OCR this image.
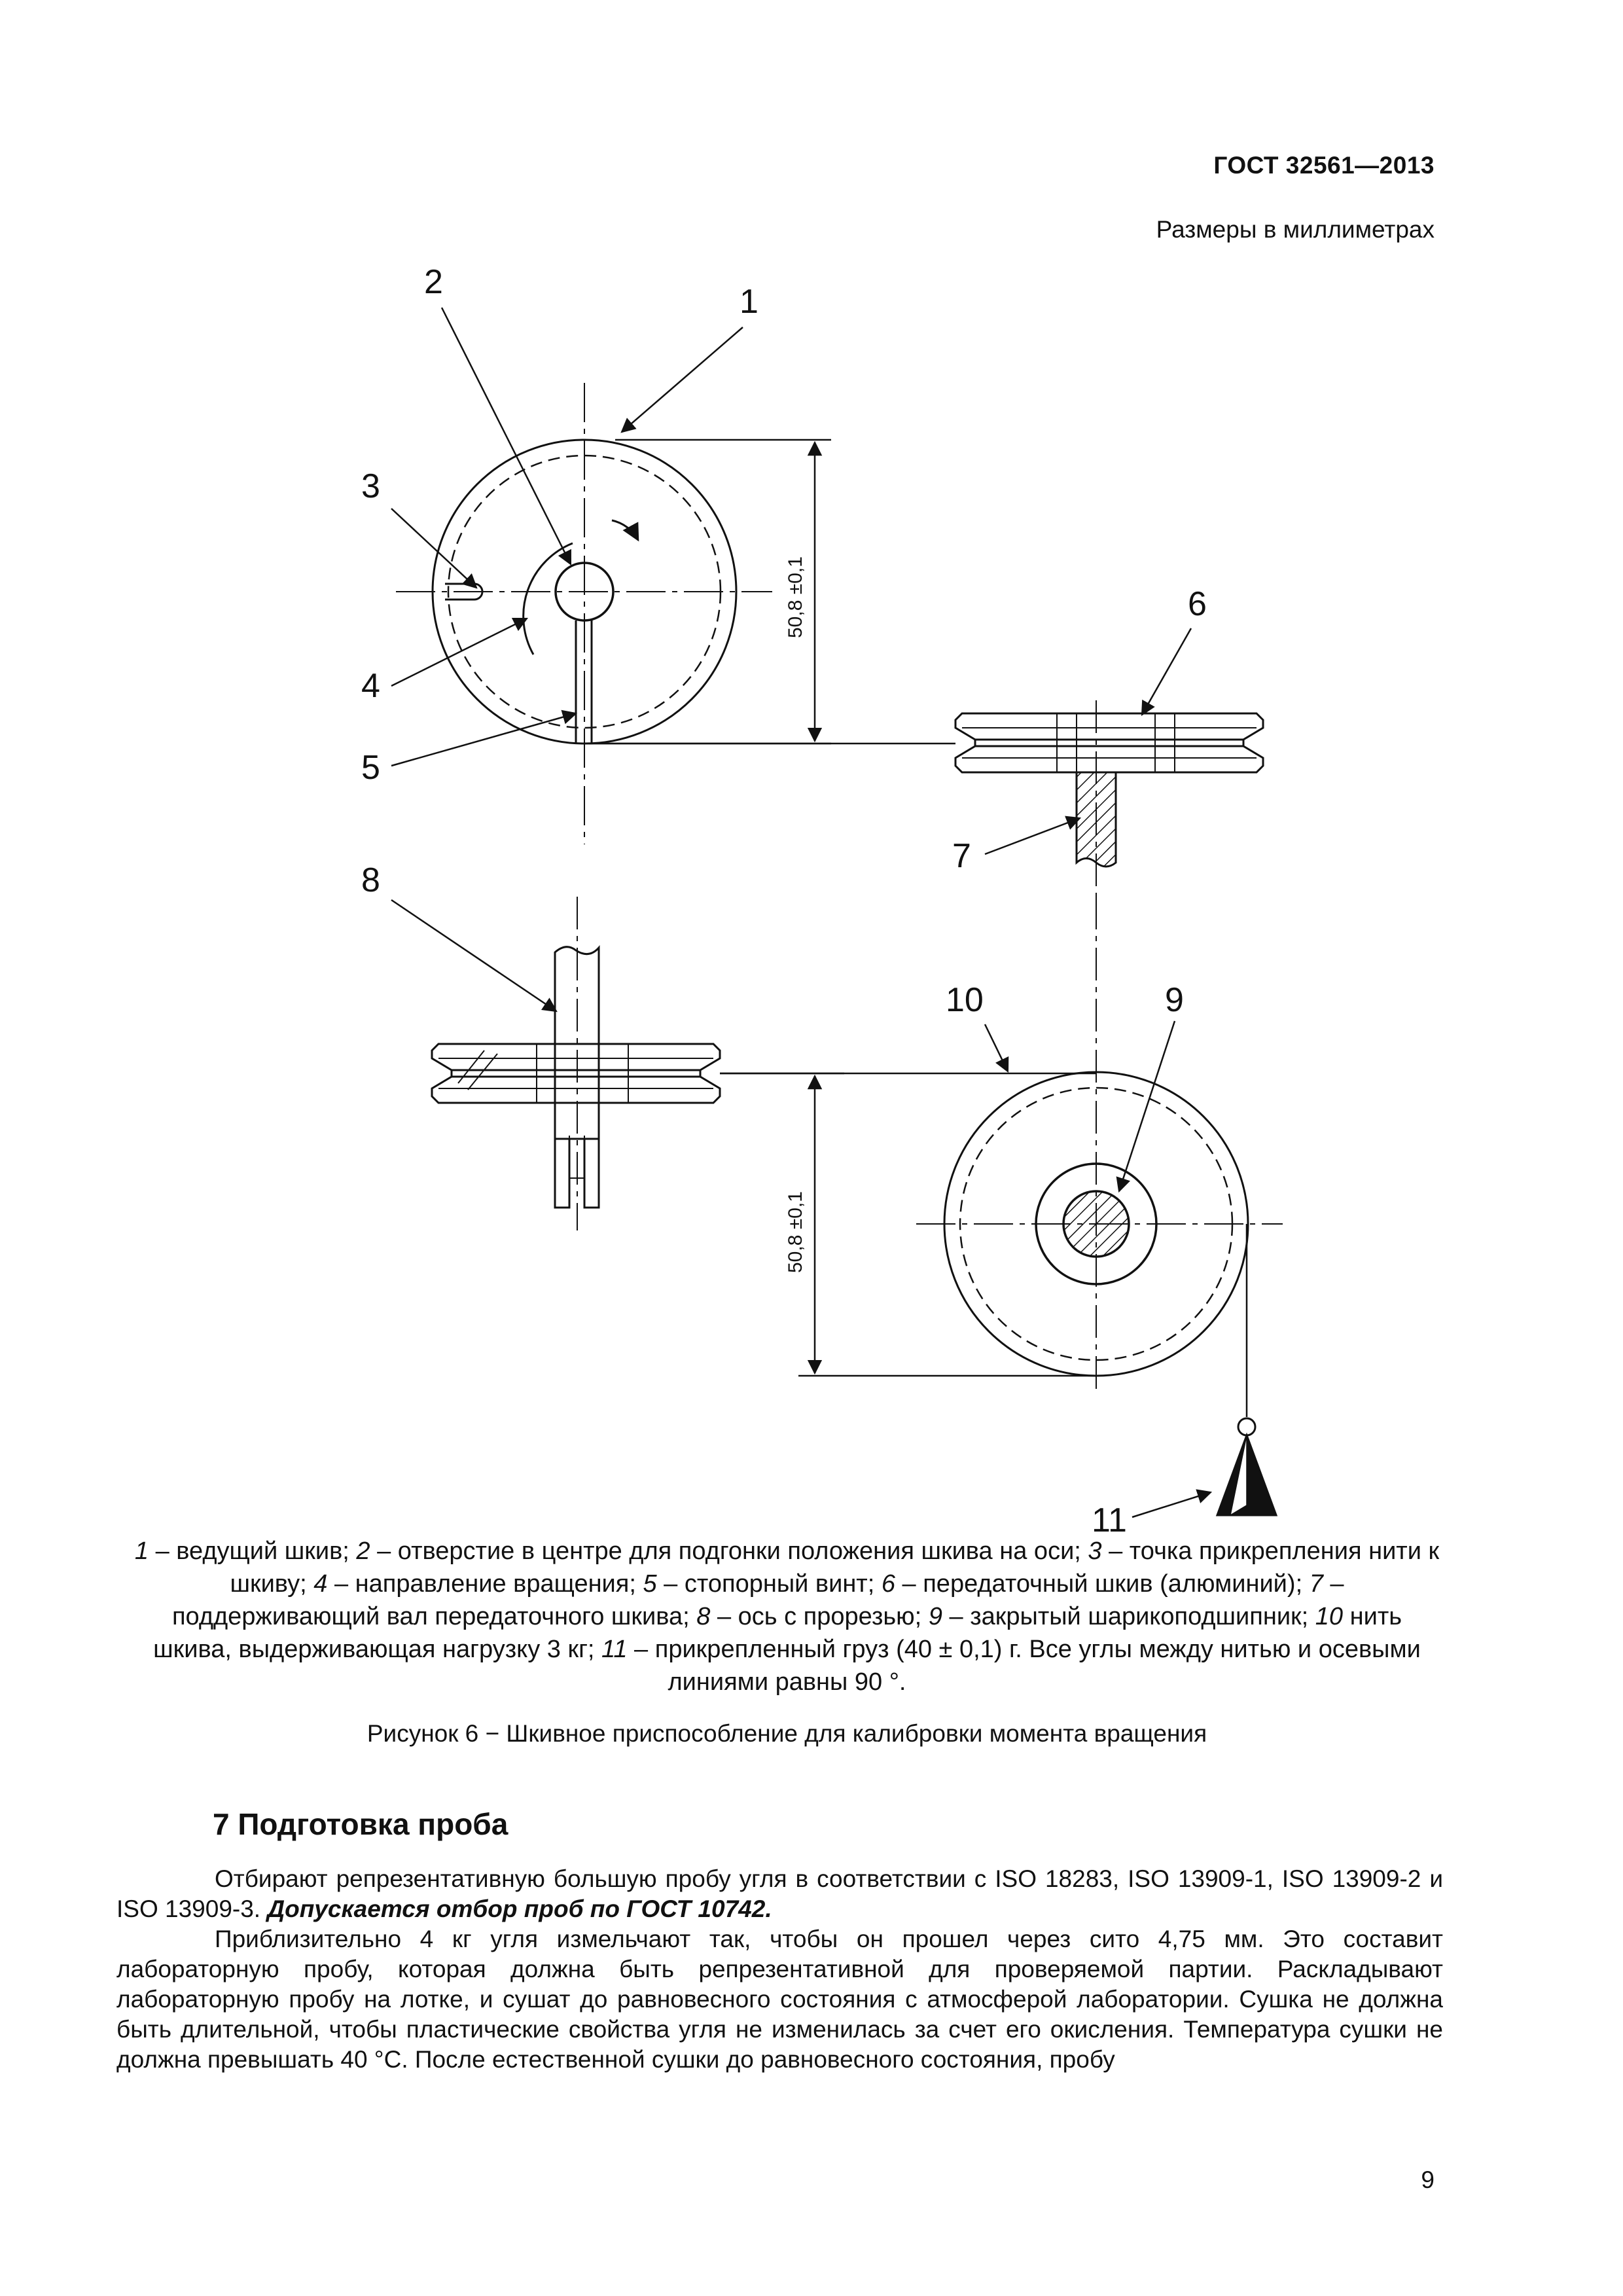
ГОСТ 32561—2013
Размеры в миллиметрах
50,8 ±0,1
50,8 ±0,1
1
2
3
4
5
6
7
8
9
10
11
1 – ведущий шкив; 2 – отверстие в центре для подгонки положения шкива на оси; 3 – точка прикрепления нити к шкиву; 4 – направление вращения; 5 – стопорный винт; 6 – передаточный шкив (алюминий); 7 – поддерживающий вал передаточного шкива; 8 – ось с прорезью; 9 – закрытый шарикоподшипник; 10 нить шкива, выдерживающая нагрузку 3 кг; 11 – прикрепленный груз (40 ± 0,1) г. Все углы между нитью и осевыми линиями равны 90 °.
Рисунок 6 − Шкивное приспособление для калибровки момента вращения
7 Подготовка проба

Отбирают репрезентативную большую пробу угля в соответствии с ISO 18283, ISO 13909-1, ISO 13909-2 и ISO 13909-3. Допускается отбор проб по ГОСТ 10742.

Приблизительно 4 кг угля измельчают так, чтобы он прошел через сито 4,75 мм. Это составит лабораторную пробу, которая должна быть репрезентативной для проверяемой партии. Раскладывают лабораторную пробу на лотке, и сушат до равновесного состояния с атмосферой лаборатории. Сушка не должна быть длительной, чтобы пластические свойства угля не изменилась за счет его окисления. Температура сушки не должна превышать 40 °C. После естественной сушки до равновесного состояния, пробу

9
